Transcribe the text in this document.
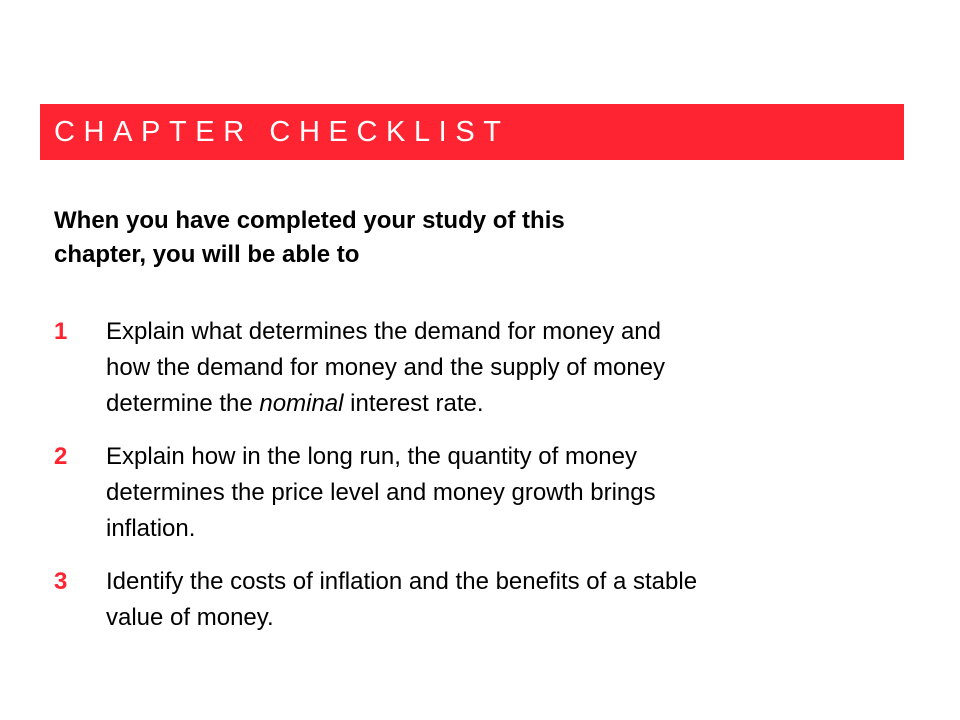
CHAPTER CHECKLIST

When you have completed your study of this
chapter, you will be able to

1	Explain what determines the demand for money and
how the demand for money and the supply of money
determine the nominal interest rate.
2	Explain how in the long run, the quantity of money
determines the price level and money growth brings
inflation.
3	Identify the costs of inflation and the benefits of a stable
value of money.
